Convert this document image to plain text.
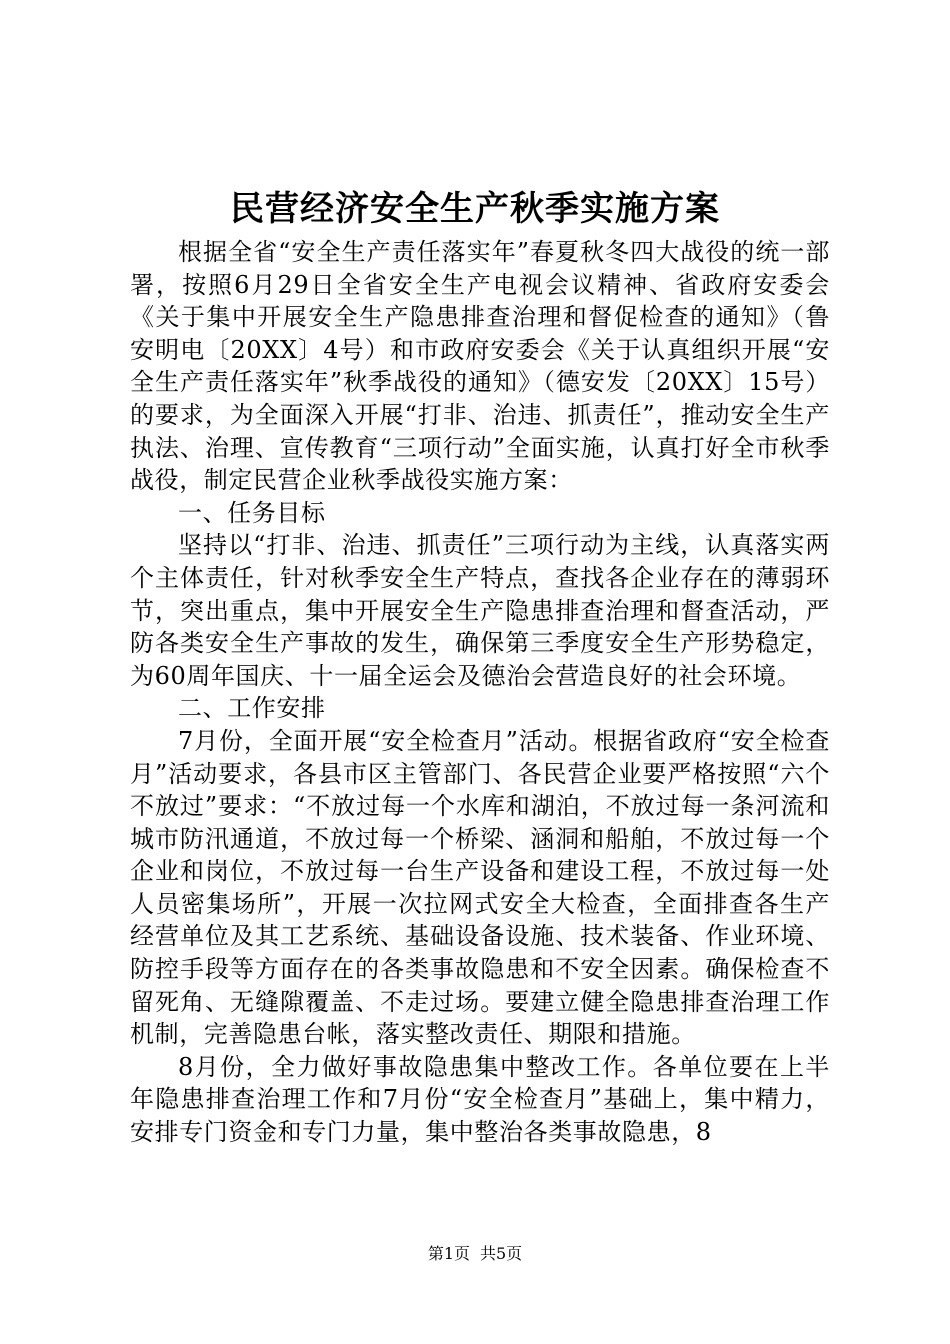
民营经济安全生产秋季实施方案

根据全省“安全生产责任落实年”春夏秋冬四大战役的统一部署，按照6月29日全省安全生产电视会议精神、省政府安委会《关于集中开展安全生产隐患排查治理和督促检查的通知》（鲁安明电〔20XX〕4号）和市政府安委会《关于认真组织开展“安全生产责任落实年”秋季战役的通知》（德安发〔20XX〕15号）的要求，为全面深入开展“打非、治违、抓责任”，推动安全生产执法、治理、宣传教育“三项行动”全面实施，认真打好全市秋季战役，制定民营企业秋季战役实施方案：

一、任务目标

坚持以“打非、治违、抓责任”三项行动为主线，认真落实两个主体责任，针对秋季安全生产特点，查找各企业存在的薄弱环节，突出重点，集中开展安全生产隐患排查治理和督查活动，严防各类安全生产事故的发生，确保第三季度安全生产形势稳定，为60周年国庆、十一届全运会及德治会营造良好的社会环境。

二、工作安排

7月份，全面开展“安全检查月”活动。根据省政府“安全检查月”活动要求，各县市区主管部门、各民营企业要严格按照“六个不放过”要求：“不放过每一个水库和湖泊，不放过每一条河流和城市防汛通道，不放过每一个桥梁、涵洞和船舶，不放过每一个企业和岗位，不放过每一台生产设备和建设工程，不放过每一处人员密集场所”，开展一次拉网式安全大检查，全面排查各生产经营单位及其工艺系统、基础设备设施、技术装备、作业环境、防控手段等方面存在的各类事故隐患和不安全因素。确保检查不留死角、无缝隙覆盖、不走过场。要建立健全隐患排查治理工作机制，完善隐患台帐，落实整改责任、期限和措施。

8月份，全力做好事故隐患集中整改工作。各单位要在上半年隐患排查治理工作和7月份“安全检查月”基础上，集中精力，安排专门资金和专门力量，集中整治各类事故隐患，8

第1页 共5页
